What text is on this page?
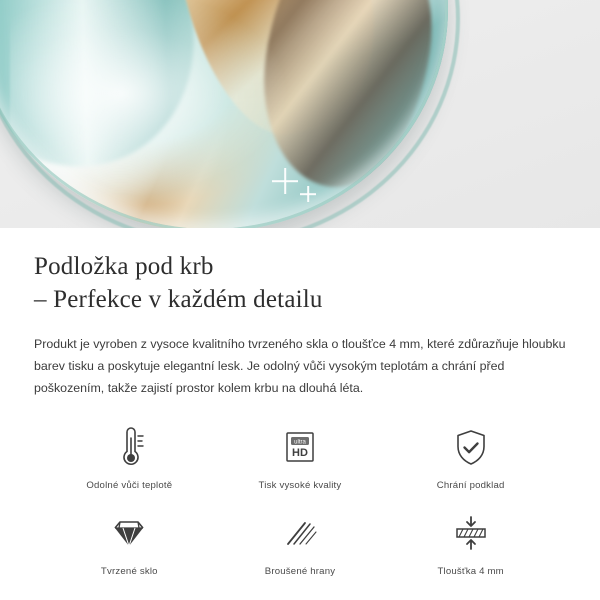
Podložka pod krb
– Perfekce v každém detailu

Produkt je vyroben z vysoce kvalitního tvrzeného skla o tloušťce 4 mm, které zdůrazňuje hloubku barev tisku a poskytuje elegantní lesk. Je odolný vůči vysokým teplotám a chrání před poškozením, takže zajistí prostor kolem krbu na dlouhá léta.

Odolné vůči teplotě
ultra
HD
Tisk vysoké kvality	Chrání podklad
Tvrzené sklo	Broušené hrany	Tloušťka 4 mm
